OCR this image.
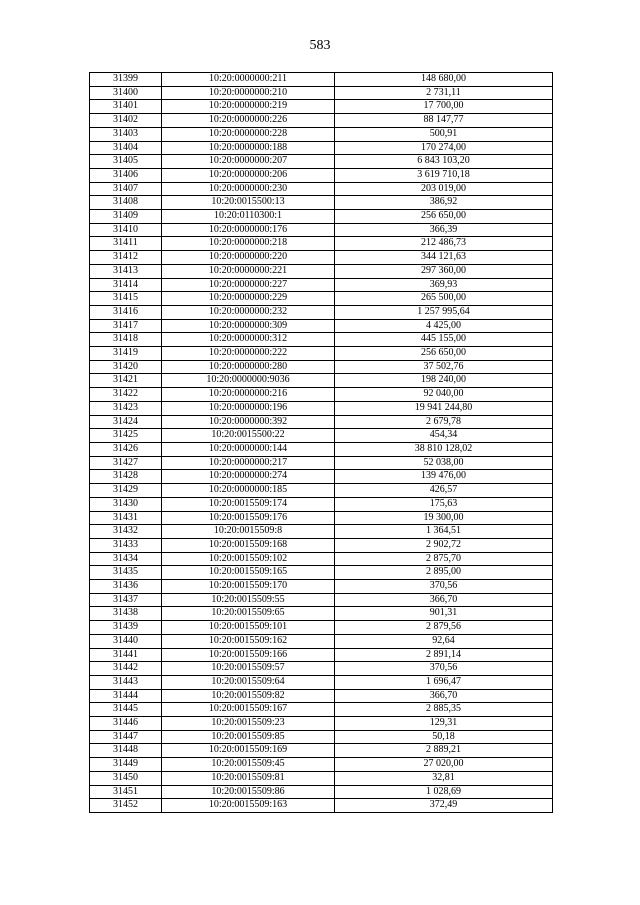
583
31399	10:20:0000000:211	148 680,00
31400	10:20:0000000:210	2 731,11
31401	10:20:0000000:219	17 700,00
31402	10:20:0000000:226	88 147,77
31403	10:20:0000000:228	500,91
31404	10:20:0000000:188	170 274,00
31405	10:20:0000000:207	6 843 103,20
31406	10:20:0000000:206	3 619 710,18
31407	10:20:0000000:230	203 019,00
31408	10:20:0015500:13	386,92
31409	10:20:0110300:1	256 650,00
31410	10:20:0000000:176	366,39
31411	10:20:0000000:218	212 486,73
31412	10:20:0000000:220	344 121,63
31413	10:20:0000000:221	297 360,00
31414	10:20:0000000:227	369,93
31415	10:20:0000000:229	265 500,00
31416	10:20:0000000:232	1 257 995,64
31417	10:20:0000000:309	4 425,00
31418	10:20:0000000:312	445 155,00
31419	10:20:0000000:222	256 650,00
31420	10:20:0000000:280	37 502,76
31421	10:20:0000000:9036	198 240,00
31422	10:20:0000000:216	92 040,00
31423	10:20:0000000:196	19 941 244,80
31424	10:20:0000000:392	2 679,78
31425	10:20:0015500:22	454,34
31426	10:20:0000000:144	38 810 128,02
31427	10:20:0000000:217	52 038,00
31428	10:20:0000000:274	139 476,00
31429	10:20:0000000:185	426,57
31430	10:20:0015509:174	175,63
31431	10:20:0015509:176	19 300,00
31432	10:20:0015509:8	1 364,51
31433	10:20:0015509:168	2 902,72
31434	10:20:0015509:102	2 875,70
31435	10:20:0015509:165	2 895,00
31436	10:20:0015509:170	370,56
31437	10:20:0015509:55	366,70
31438	10:20:0015509:65	901,31
31439	10:20:0015509:101	2 879,56
31440	10:20:0015509:162	92,64
31441	10:20:0015509:166	2 891,14
31442	10:20:0015509:57	370,56
31443	10:20:0015509:64	1 696,47
31444	10:20:0015509:82	366,70
31445	10:20:0015509:167	2 885,35
31446	10:20:0015509:23	129,31
31447	10:20:0015509:85	50,18
31448	10:20:0015509:169	2 889,21
31449	10:20:0015509:45	27 020,00
31450	10:20:0015509:81	32,81
31451	10:20:0015509:86	1 028,69
31452	10:20:0015509:163	372,49
